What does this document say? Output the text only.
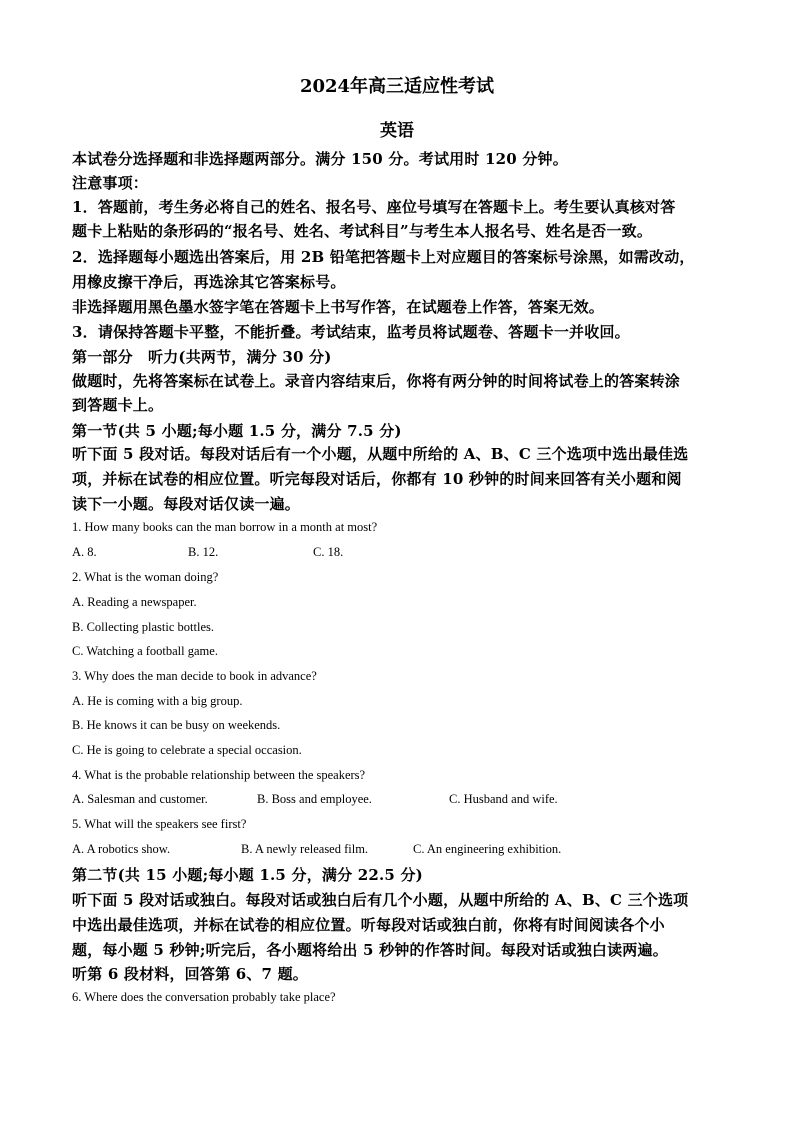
2024年高三适应性考试
英语
本试卷分选择题和非选择题两部分。满分 150 分。考试用时 120 分钟。
注意事项：
1．答题前，考生务必将自己的姓名、报名号、座位号填写在答题卡上。考生要认真核对答
题卡上粘贴的条形码的“报名号、姓名、考试科目”与考生本人报名号、姓名是否一致。
2．选择题每小题选出答案后，用 2B 铅笔把答题卡上对应题目的答案标号涂黑，如需改动，
用橡皮擦干净后，再选涂其它答案标号。
非选择题用黑色墨水签字笔在答题卡上书写作答，在试题卷上作答，答案无效。
3．请保持答题卡平整，不能折叠。考试结束，监考员将试题卷、答题卡一并收回。
第一部分　听力(共两节，满分 30 分)
做题时，先将答案标在试卷上。录音内容结束后，你将有两分钟的时间将试卷上的答案转涂
到答题卡上。
第一节(共 5 小题;每小题 1.5 分，满分 7.5 分)
听下面 5 段对话。每段对话后有一个小题，从题中所给的 A、B、C 三个选项中选出最佳选
项，并标在试卷的相应位置。听完每段对话后，你都有 10 秒钟的时间来回答有关小题和阅
读下一小题。每段对话仅读一遍。
1. How many books can the man borrow in a month at most?
A. 8.	B. 12.	C. 18.
2. What is the woman doing?
A. Reading a newspaper.
B. Collecting plastic bottles.
C. Watching a football game.
3. Why does the man decide to book in advance?
A. He is coming with a big group.
B. He knows it can be busy on weekends.
C. He is going to celebrate a special occasion.
4. What is the probable relationship between the speakers?
A. Salesman and customer.	B. Boss and employee.	C. Husband and wife.
5. What will the speakers see first?
A. A robotics show.	B. A newly released film.	C. An engineering exhibition.
第二节(共 15 小题;每小题 1.5 分，满分 22.5 分)
听下面 5 段对话或独白。每段对话或独白后有几个小题，从题中所给的 A、B、C 三个选项
中选出最佳选项，并标在试卷的相应位置。听每段对话或独白前，你将有时间阅读各个小
题，每小题 5 秒钟;听完后，各小题将给出 5 秒钟的作答时间。每段对话或独白读两遍。
听第 6 段材料，回答第 6、7 题。
6. Where does the conversation probably take place?
